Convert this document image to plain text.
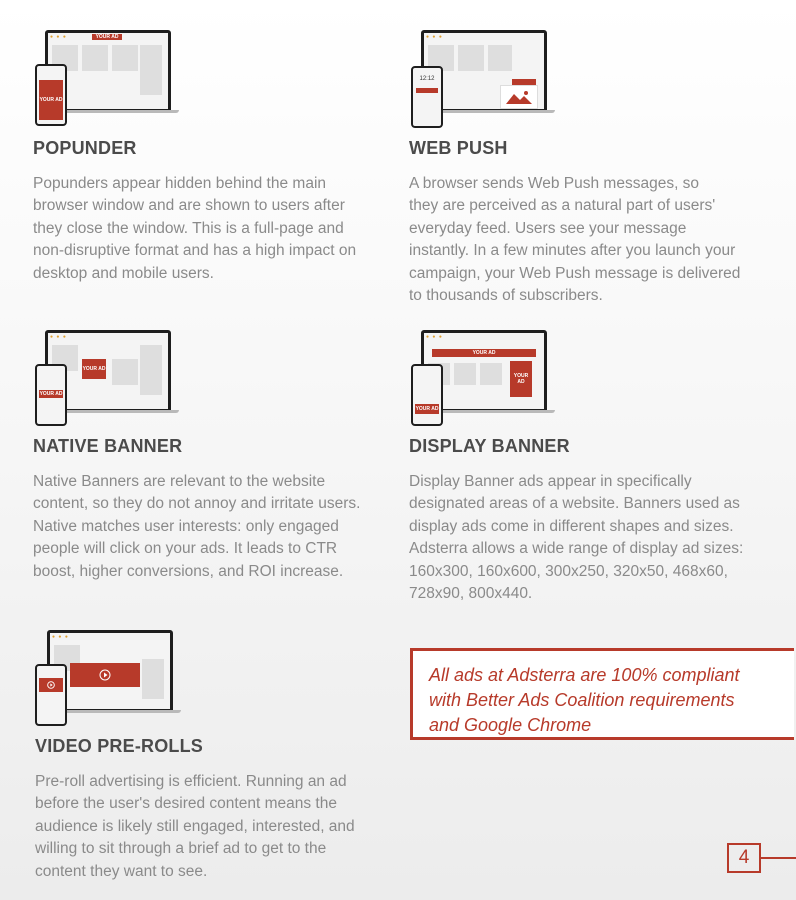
● ● ●	YOUR AD
YOUR AD
POPUNDER

Popunders appear hidden behind the main
browser window and are shown to users after
they close the window. This is a full-page and
non-disruptive format and has a high impact on
desktop and mobile users.

● ● ●
12:12
WEB PUSH

A browser sends Web Push messages, so
they are perceived as a natural part of users'
everyday feed. Users see your message
instantly. In a few minutes after you launch your
campaign, your Web Push message is delivered
to thousands of subscribers.

● ● ●
YOUR AD
YOUR AD
NATIVE BANNER

Native Banners are relevant to the website
content, so they do not annoy and irritate users.
Native matches user interests: only engaged
people will click on your ads. It leads to CTR
boost, higher conversions, and ROI increase.

● ● ●
YOUR AD
YOUR AD
YOUR AD
DISPLAY BANNER

Display Banner ads appear in specifically
designated areas of a website. Banners used as
display ads come in different shapes and sizes.
Adsterra allows a wide range of display ad sizes:
160x300, 160x600, 300x250, 320x50, 468x60,
728x90, 800x440.

● ● ●
VIDEO PRE-ROLLS

Pre-roll advertising is efficient. Running an ad
before the user's desired content means the
audience is likely still engaged, interested, and
willing to sit through a brief ad to get to the
content they want to see.

All ads at Adsterra are 100% compliant
with Better Ads Coalition requirements
and Google Chrome
4
